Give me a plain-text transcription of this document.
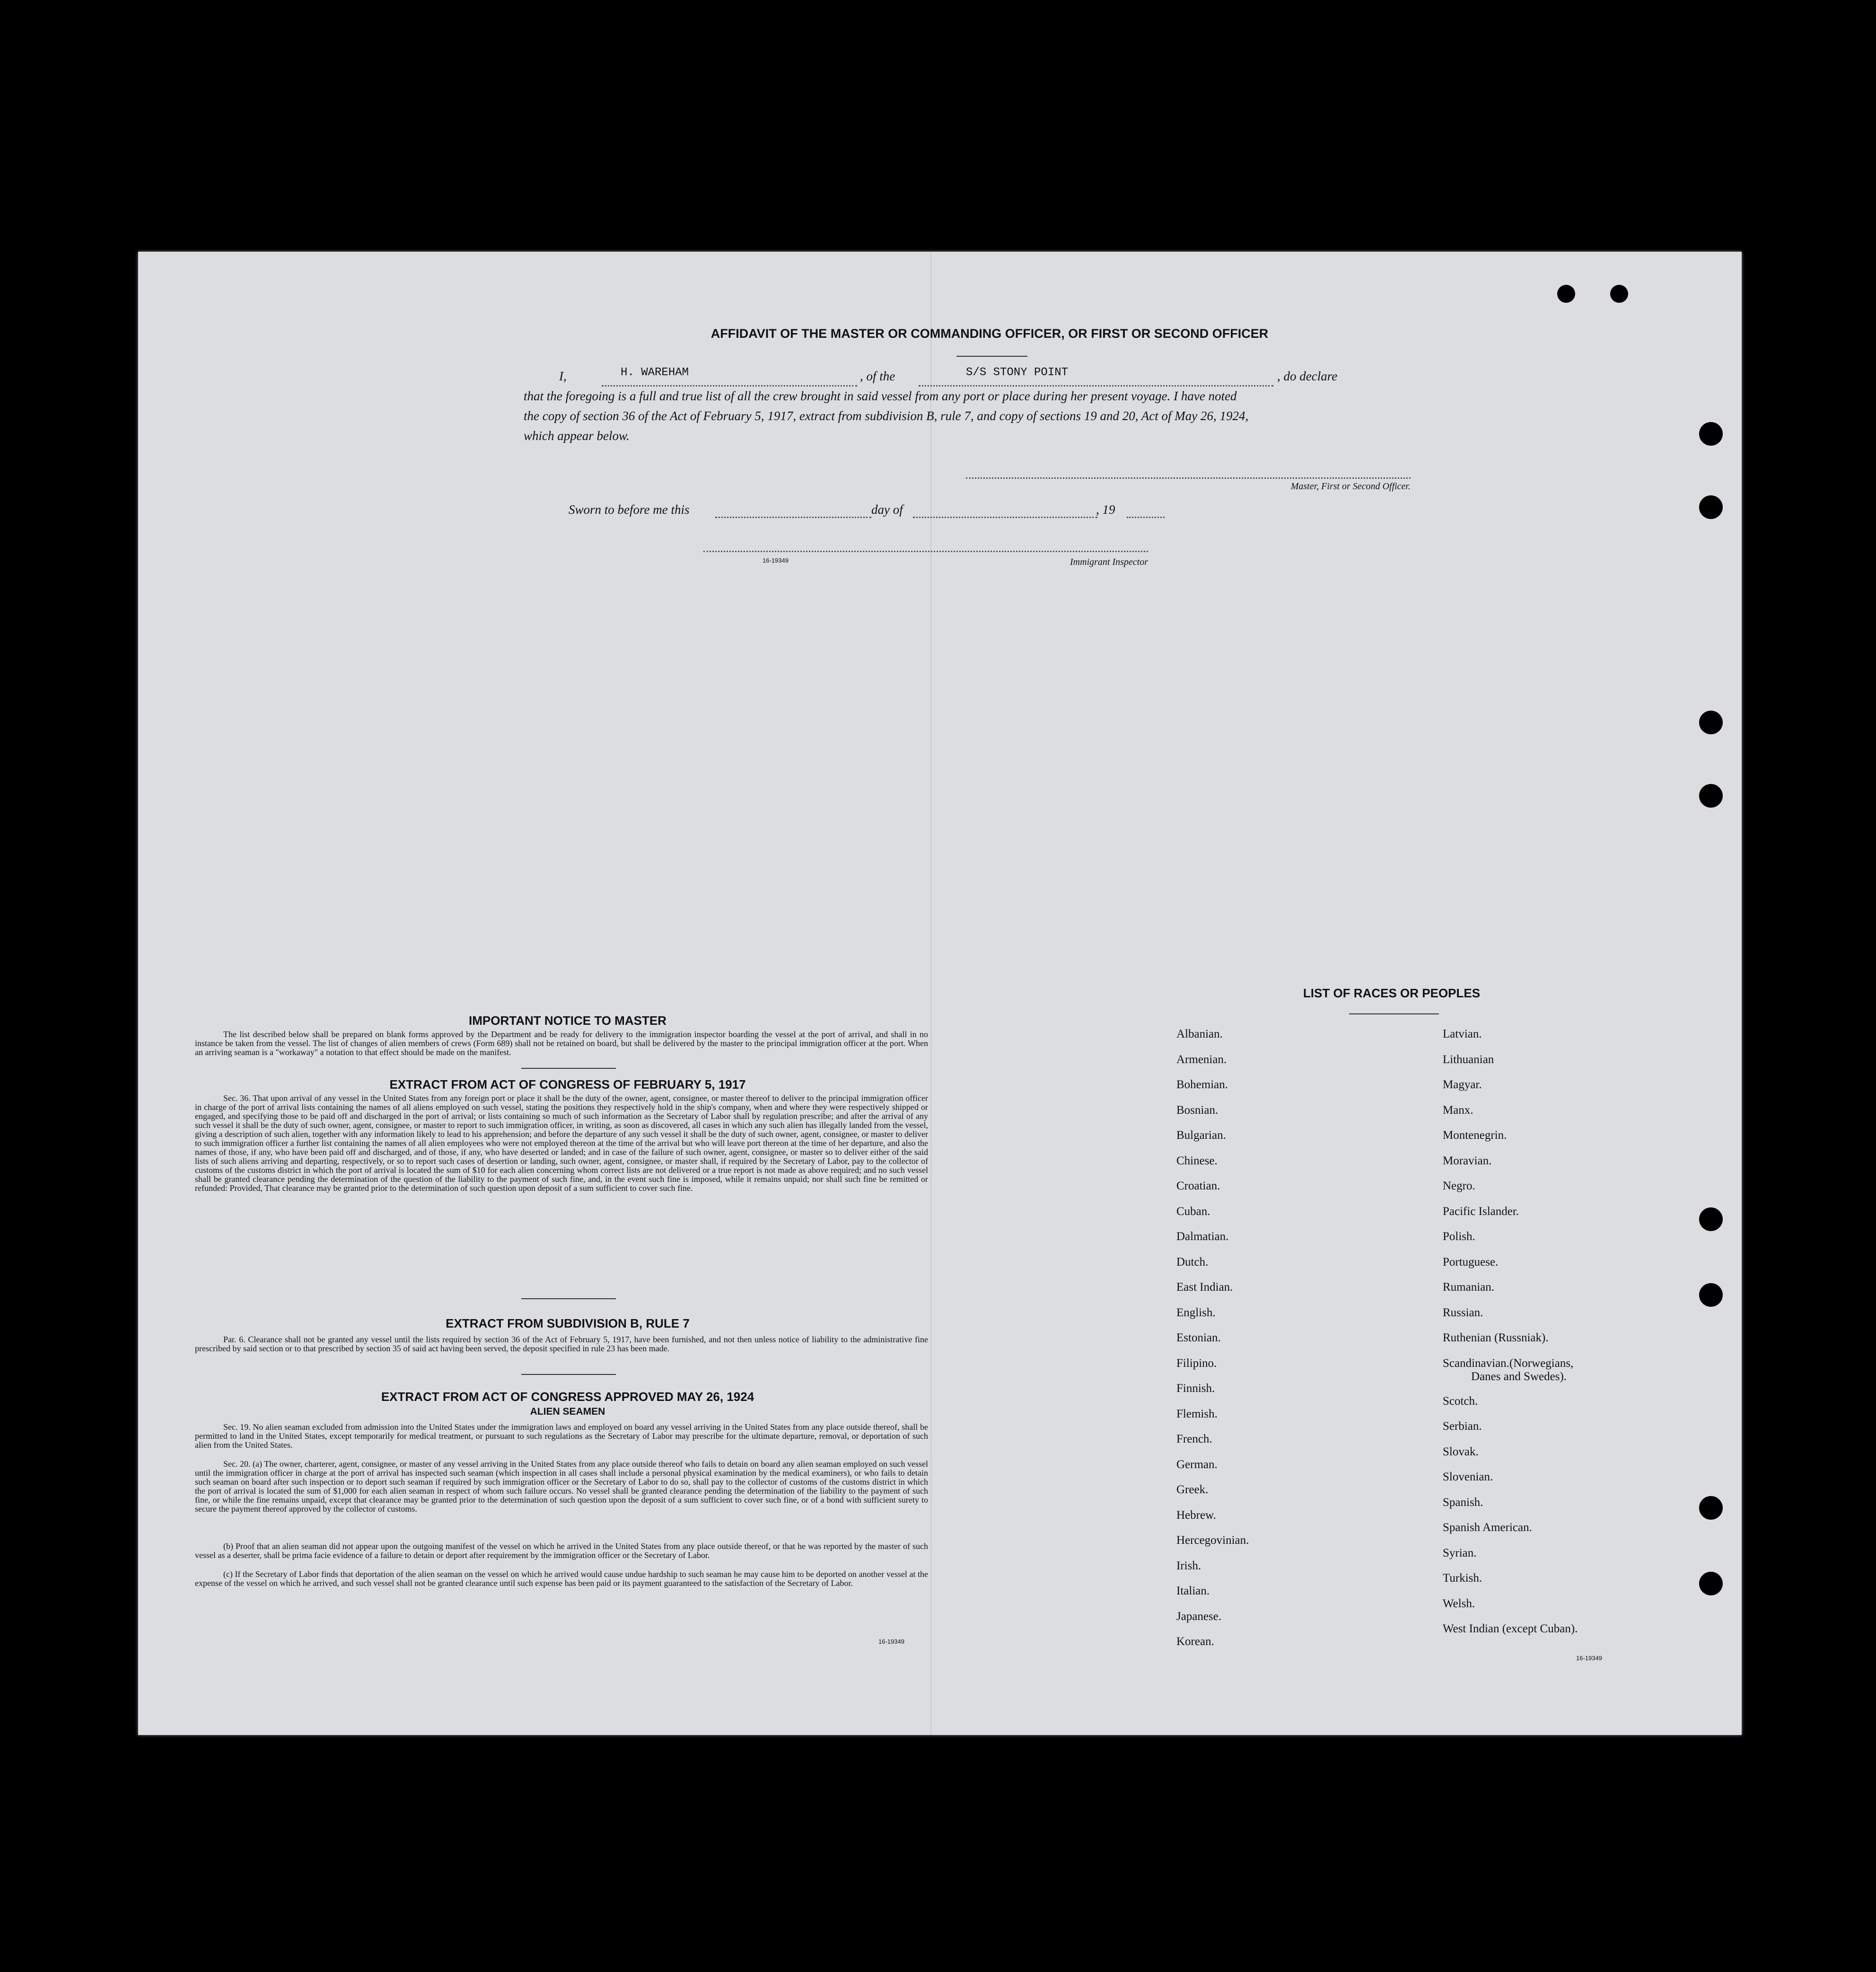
AFFIDAVIT OF THE MASTER OR COMMANDING OFFICER, OR FIRST OR SECOND OFFICER
I,	H. WAREHAM	, of the	S/S STONY POINT	, do declare
that the foregoing is a full and true list of all the crew brought in said vessel from any port or place during her present voyage. I have noted
the copy of section 36 of the Act of February 5, 1917, extract from subdivision B, rule 7, and copy of sections 19 and 20, Act of May 26, 1924,
which appear below.
Master, First or Second Officer.
Sworn to before me this	day of	, 19
16-19349	Immigrant Inspector
IMPORTANT NOTICE TO MASTER
The list described below shall be prepared on blank forms approved by the Department and be ready for delivery to the immigration inspector boarding the vessel at the port of arrival, and shall in no instance be taken from the vessel. The list of changes of alien members of crews (Form 689) shall not be retained on board, but shall be delivered by the master to the principal immigration officer at the port. When an arriving seaman is a "workaway" a notation to that effect should be made on the manifest.
EXTRACT FROM ACT OF CONGRESS OF FEBRUARY 5, 1917
Sec. 36. That upon arrival of any vessel in the United States from any foreign port or place it shall be the duty of the owner, agent, consignee, or master thereof to deliver to the principal immigration officer in charge of the port of arrival lists containing the names of all aliens employed on such vessel, stating the positions they respectively hold in the ship's company, when and where they were respectively shipped or engaged, and specifying those to be paid off and discharged in the port of arrival; or lists containing so much of such information as the Secretary of Labor shall by regulation prescribe; and after the arrival of any such vessel it shall be the duty of such owner, agent, consignee, or master to report to such immigration officer, in writing, as soon as discovered, all cases in which any such alien has illegally landed from the vessel, giving a description of such alien, together with any information likely to lead to his apprehension; and before the departure of any such vessel it shall be the duty of such owner, agent, consignee, or master to deliver to such immigration officer a further list containing the names of all alien employees who were not employed thereon at the time of the arrival but who will leave port thereon at the time of her departure, and also the names of those, if any, who have been paid off and discharged, and of those, if any, who have deserted or landed; and in case of the failure of such owner, agent, consignee, or master so to deliver either of the said lists of such aliens arriving and departing, respectively, or so to report such cases of desertion or landing, such owner, agent, consignee, or master shall, if required by the Secretary of Labor, pay to the collector of customs of the customs district in which the port of arrival is located the sum of $10 for each alien concerning whom correct lists are not delivered or a true report is not made as above required; and no such vessel shall be granted clearance pending the determination of the question of the liability to the payment of such fine, and, in the event such fine is imposed, while it remains unpaid; nor shall such fine be remitted or refunded: Provided, That clearance may be granted prior to the determination of such question upon deposit of a sum sufficient to cover such fine.
EXTRACT FROM SUBDIVISION B, RULE 7
Par. 6. Clearance shall not be granted any vessel until the lists required by section 36 of the Act of February 5, 1917, have been furnished, and not then unless notice of liability to the administrative fine prescribed by said section or to that prescribed by section 35 of said act having been served, the deposit specified in rule 23 has been made.
EXTRACT FROM ACT OF CONGRESS APPROVED MAY 26, 1924
ALIEN SEAMEN
Sec. 19. No alien seaman excluded from admission into the United States under the immigration laws and employed on board any vessel arriving in the United States from any place outside thereof, shall be permitted to land in the United States, except temporarily for medical treatment, or pursuant to such regulations as the Secretary of Labor may prescribe for the ultimate departure, removal, or deportation of such alien from the United States.
Sec. 20. (a) The owner, charterer, agent, consignee, or master of any vessel arriving in the United States from any place outside thereof who fails to detain on board any alien seaman employed on such vessel until the immigration officer in charge at the port of arrival has inspected such seaman (which inspection in all cases shall include a personal physical examination by the medical examiners), or who fails to detain such seaman on board after such inspection or to deport such seaman if required by such immigration officer or the Secretary of Labor to do so, shall pay to the collector of customs of the customs district in which the port of arrival is located the sum of $1,000 for each alien seaman in respect of whom such failure occurs. No vessel shall be granted clearance pending the determination of the liability to the payment of such fine, or while the fine remains unpaid, except that clearance may be granted prior to the determination of such question upon the deposit of a sum sufficient to cover such fine, or of a bond with sufficient surety to secure the payment thereof approved by the collector of customs.
(b) Proof that an alien seaman did not appear upon the outgoing manifest of the vessel on which he arrived in the United States from any place outside thereof, or that he was reported by the master of such vessel as a deserter, shall be prima facie evidence of a failure to detain or deport after requirement by the immigration officer or the Secretary of Labor.
(c) If the Secretary of Labor finds that deportation of the alien seaman on the vessel on which he arrived would cause undue hardship to such seaman he may cause him to be deported on another vessel at the expense of the vessel on which he arrived, and such vessel shall not be granted clearance until such expense has been paid or its payment guaranteed to the satisfaction of the Secretary of Labor.
16-19349
LIST OF RACES OR PEOPLES
Albanian.
Armenian.
Bohemian.
Bosnian.
Bulgarian.
Chinese.
Croatian.
Cuban.
Dalmatian.
Dutch.
East Indian.
English.
Estonian.
Filipino.
Finnish.
Flemish.
French.
German.
Greek.
Hebrew.
Hercegovinian.
Irish.
Italian.
Japanese.
Korean.
Latvian.
Lithuanian
Magyar.
Manx.
Montenegrin.
Moravian.
Negro.
Pacific Islander.
Polish.
Portuguese.
Rumanian.
Russian.
Ruthenian (Russniak).
Scandinavian.(Norwegians,
Danes and Swedes).
Scotch.
Serbian.
Slovak.
Slovenian.
Spanish.
Spanish American.
Syrian.
Turkish.
Welsh.
West Indian (except Cuban).
16-19349
